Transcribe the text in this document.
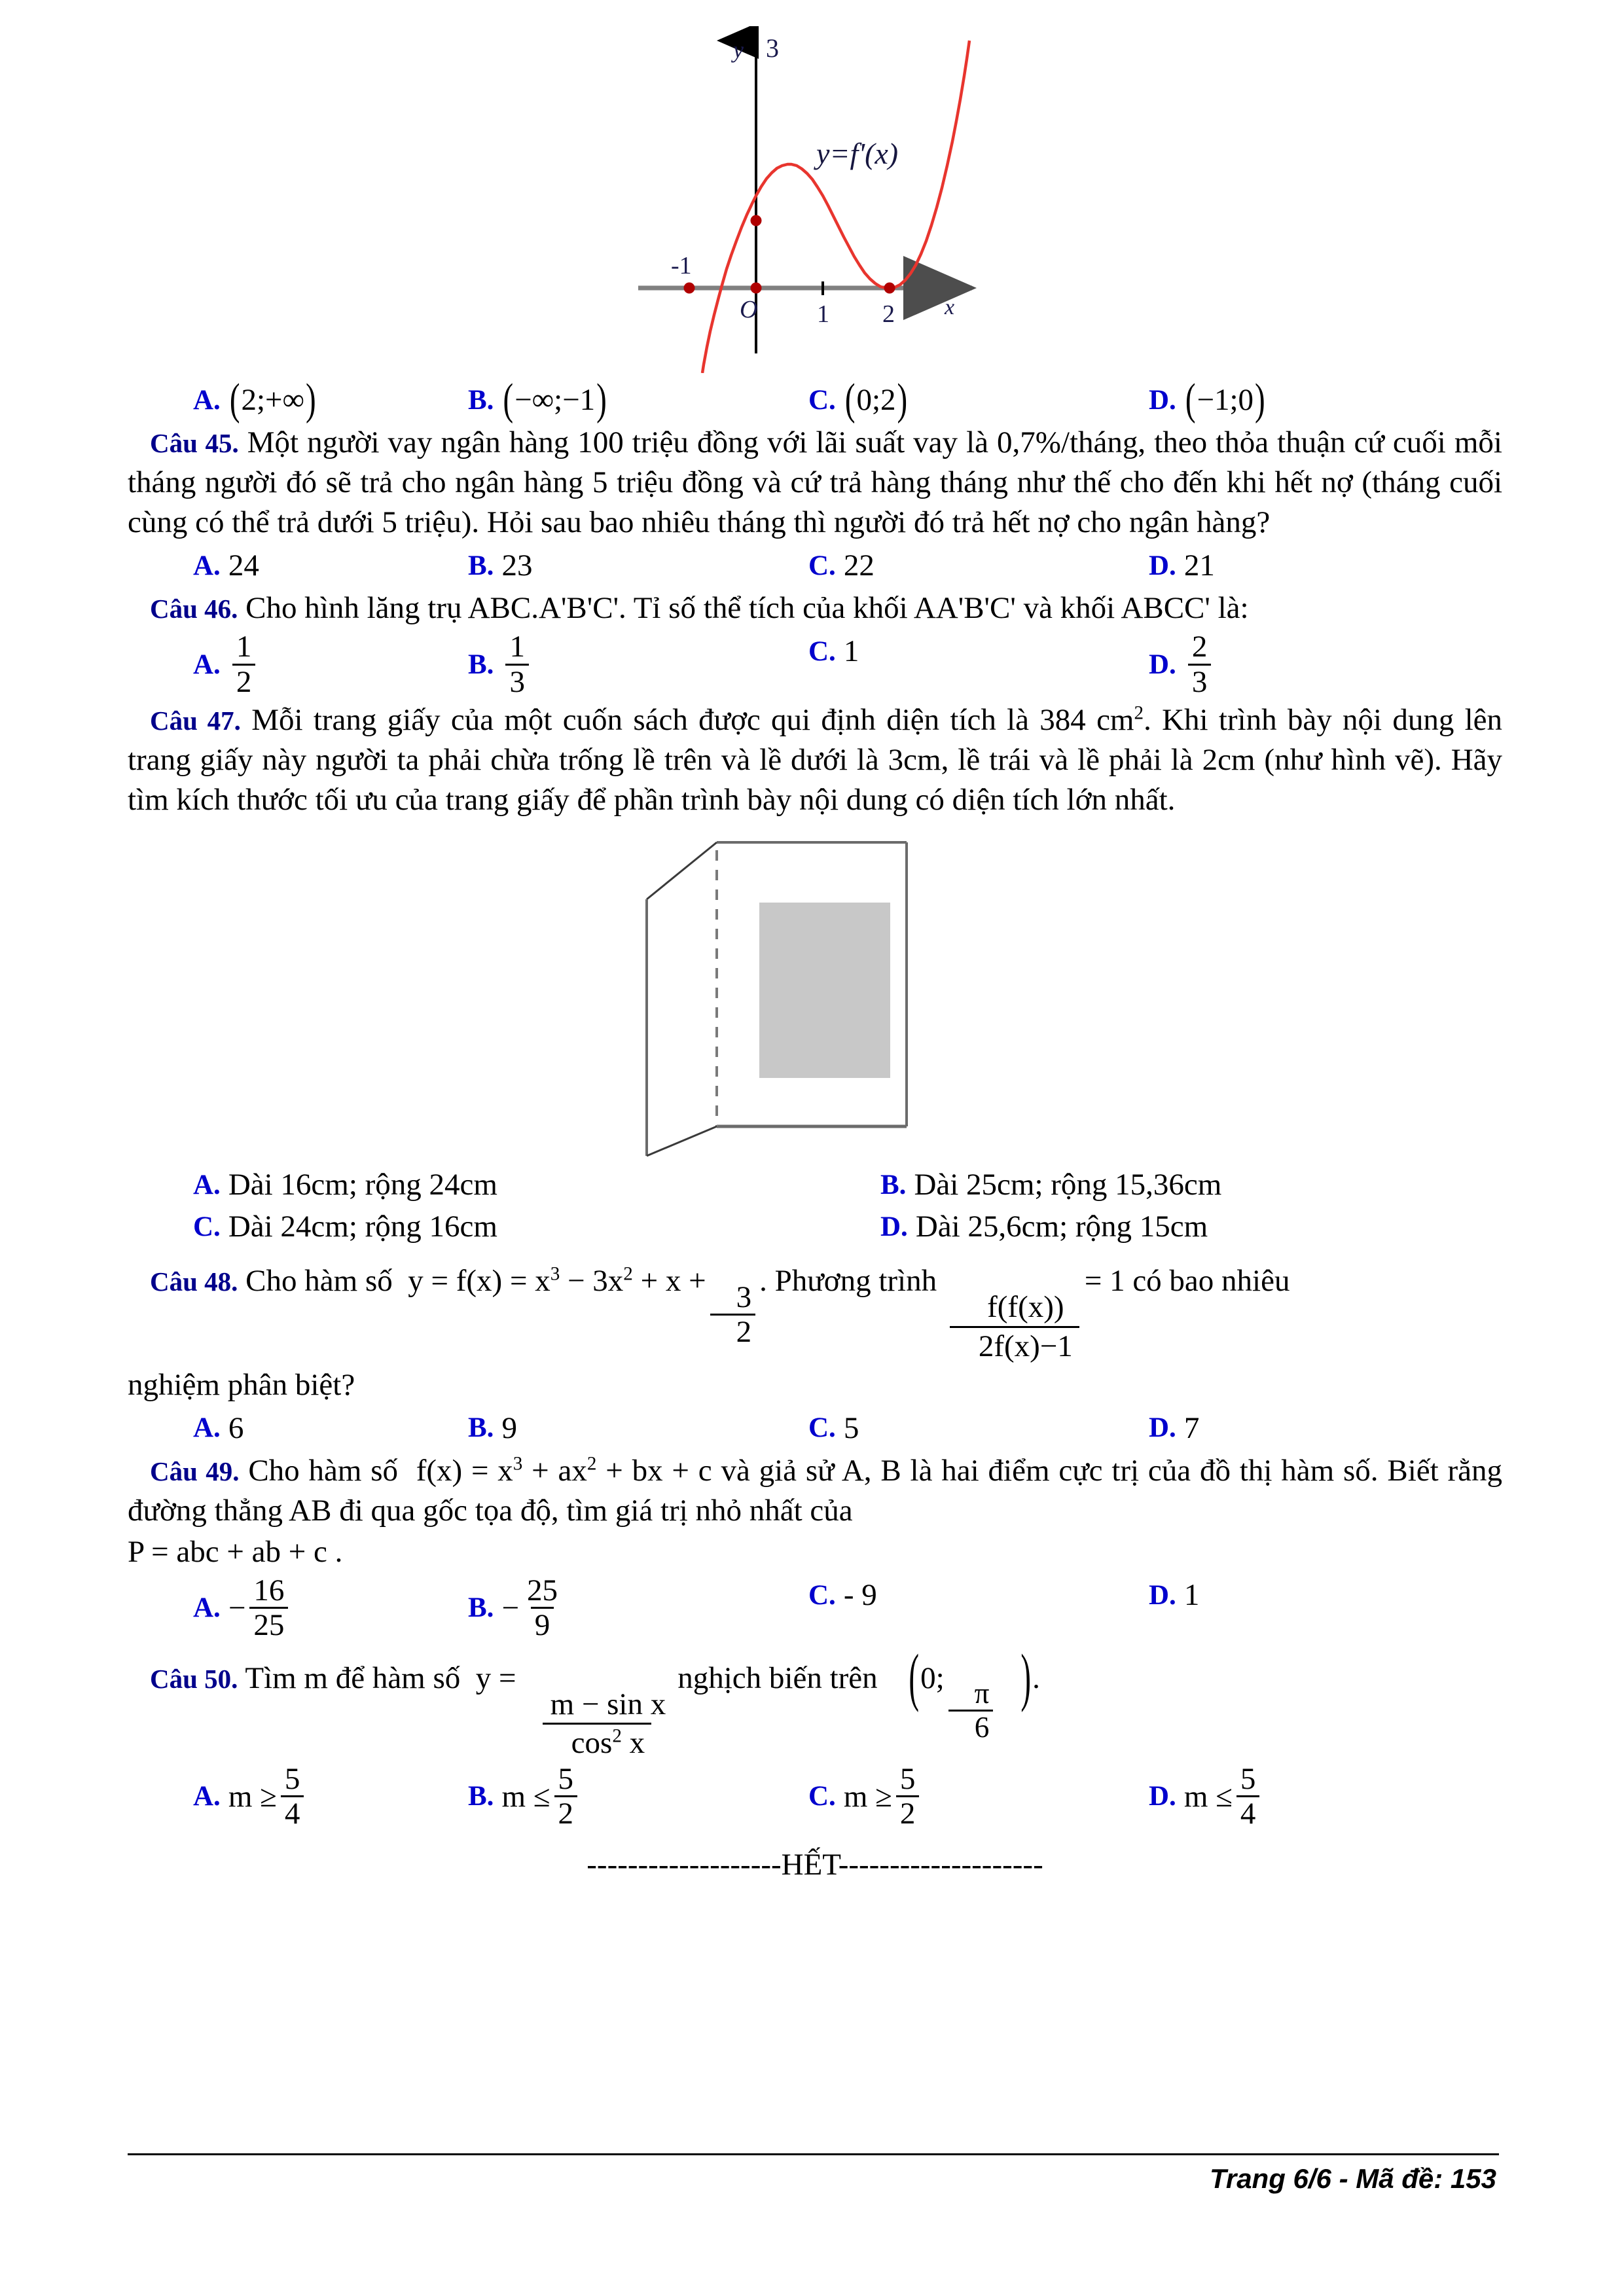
y 3
-1
O 1 2 x
y=f'(x)
A. (2;+∞)	B. (−∞;−1)	C. (0;2)	D. (−1;0)

Câu 45. Một người vay ngân hàng 100 triệu đồng với lãi suất vay là 0,7%/tháng, theo thỏa thuận cứ cuối mỗi tháng người đó sẽ trả cho ngân hàng 5 triệu đồng và cứ trả hàng tháng như thế cho đến khi hết nợ (tháng cuối cùng có thể trả dưới 5 triệu). Hỏi sau bao nhiêu tháng thì người đó trả hết nợ cho ngân hàng?

A. 24	B. 23	C. 22	D. 21

Câu 46. Cho hình lăng trụ ABC.A'B'C'. Tỉ số thể tích của khối AA'B'C' và khối ABCC' là:

A. $\frac{1}{2}$	B. $\frac{1}{3}$	C. 1	D. $\frac{2}{3}$

Câu 47. Mỗi trang giấy của một cuốn sách được qui định diện tích là 384 $cm^2$. Khi trình bày nội dung lên trang giấy này người ta phải chừa trống lề trên và lề dưới là 3cm, lề trái và lề phải là 2cm (như hình vẽ). Hãy tìm kích thước tối ưu của trang giấy để phần trình bày nội dung có diện tích lớn nhất.

A. Dài 16cm; rộng 24cm	B. Dài 25cm; rộng 15,36cm
C. Dài 24cm; rộng 16cm	D. Dài 25,6cm; rộng 15cm

Câu 48. Cho hàm số $y = f(x) = x^3 - 3x^2 + x$ +
$\frac{3}{2}$
. Phương trình
$\frac{f(f(x))}{2f(x)-1}$
= 1 có bao nhiêu

nghiệm phân biệt?

A. 6	B. 9	C. 5	D. 7

Câu 49. Cho hàm số $f(x) = x^3 + ax^2$ + bx + c và giả sử A, B là hai điểm cực trị của đồ thị hàm số. Biết rằng đường thẳng AB đi qua gốc tọa độ, tìm giá trị nhỏ nhất của

P = abc + ab + c .

A. − $\frac{16}{25}$	B. − $\frac{25}{9}$	C. - 9	D. 1

Câu 50. Tìm m để hàm số y =
$\frac{\text{m − sin x}}{\cos^2 x}$
nghịch biến trên (0;
$\frac{\pi}{6}$ ).

A. $m \ge \frac{5}{4}$	B. $m \le \frac{5}{2}$	C. $m \ge \frac{5}{2}$	D. $m \le \frac{5}{4}$
-------------------HẾT--------------------
Trang 6/6 - Mã đề: 153
